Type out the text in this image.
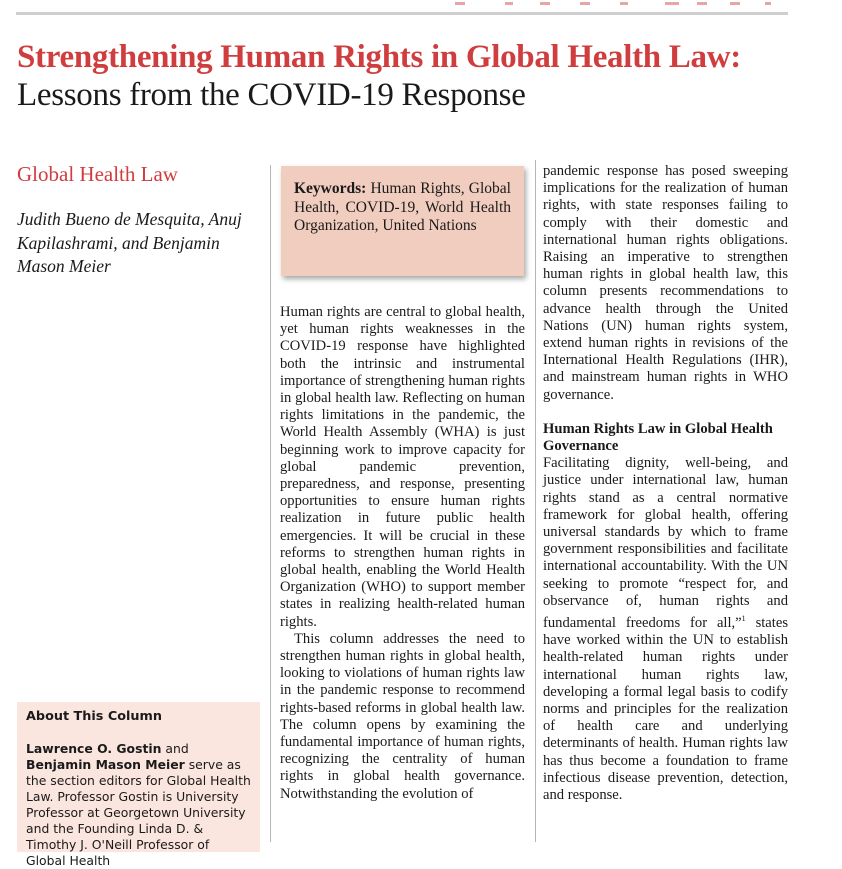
Strengthening Human Rights in Global Health Law: Lessons from the COVID-19 Response
Global Health Law
Judith Bueno de Mesquita, Anuj Kapilashrami, and Benjamin Mason Meier
Keywords: Human Rights, Global Health, COVID-19, World Health Organization, United Nations

Human rights are central to global health, yet human rights weaknesses in the COVID-19 response have highlighted both the intrinsic and instrumental importance of strengthening human rights in global health law. Reflecting on human rights limitations in the pandemic, the World Health Assembly (WHA) is just beginning work to improve capacity for global pandemic prevention, preparedness, and response, presenting opportunities to ensure human rights realization in future public health emergencies. It will be crucial in these reforms to strengthen human rights in global health, enabling the World Health Organization (WHO) to support member states in realizing health-related human rights.

This column addresses the need to strengthen human rights in global health, looking to violations of human rights law in the pandemic response to recommend rights-based reforms in global health law. The column opens by examining the fundamental importance of human rights, recognizing the centrality of human rights in global health governance. Notwithstanding the evolution of

pandemic response has posed sweeping implications for the realization of human rights, with state responses failing to comply with their domestic and international human rights obligations. Raising an imperative to strengthen human rights in global health law, this column presents recommendations to advance health through the United Nations (UN) human rights system, extend human rights in revisions of the International Health Regulations (IHR), and mainstream human rights in WHO governance.

Human Rights Law in Global Health Governance

Facilitating dignity, well-being, and justice under international law, human rights stand as a central normative framework for global health, offering universal standards by which to frame government responsibilities and facilitate international accountability. With the UN seeking to promote “respect for, and observance of, human rights and fundamental freedoms for all,”$^1$ states have worked within the UN to establish health-related human rights under international human rights law, developing a formal legal basis to codify norms and principles for the realization of health care and underlying determinants of health. Human rights law has thus become a foundation to frame infectious disease prevention, detection, and response.

About This Column
Lawrence O. Gostin and Benjamin Mason Meier serve as the section editors for Global Health Law. Professor Gostin is University Professor at Georgetown University and the Founding Linda D. & Timothy J. O'Neill Professor of Global Health
